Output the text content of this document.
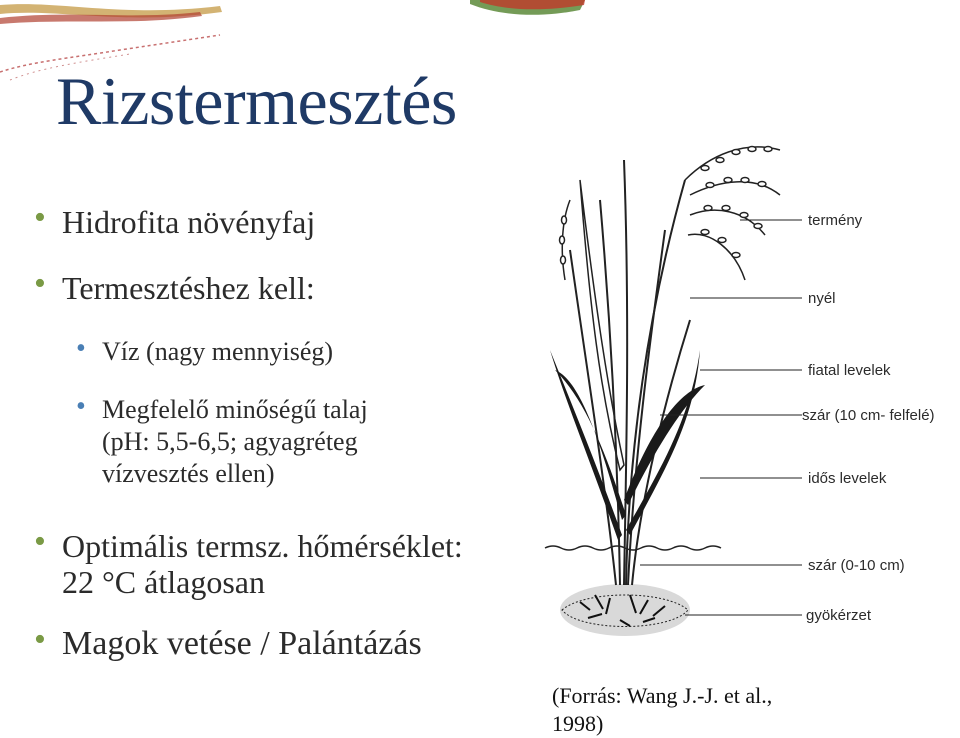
Rizstermesztés
• Hidrofita növényfaj
• Termesztéshez kell:
• Víz (nagy mennyiség)
• Megfelelő minőségű talaj
(pH: 5,5-6,5; agyagréteg
vízvesztés ellen)
• Optimális termsz. hőmérséklet:
22 °C átlagosan
• Magok vetése / Palántázás
termény
nyél
fiatal levelek
szár (10 cm- felfelé)
idős levelek
szár (0-10 cm)
gyökérzet
(Forrás: Wang J.-J. et al.,
1998)
